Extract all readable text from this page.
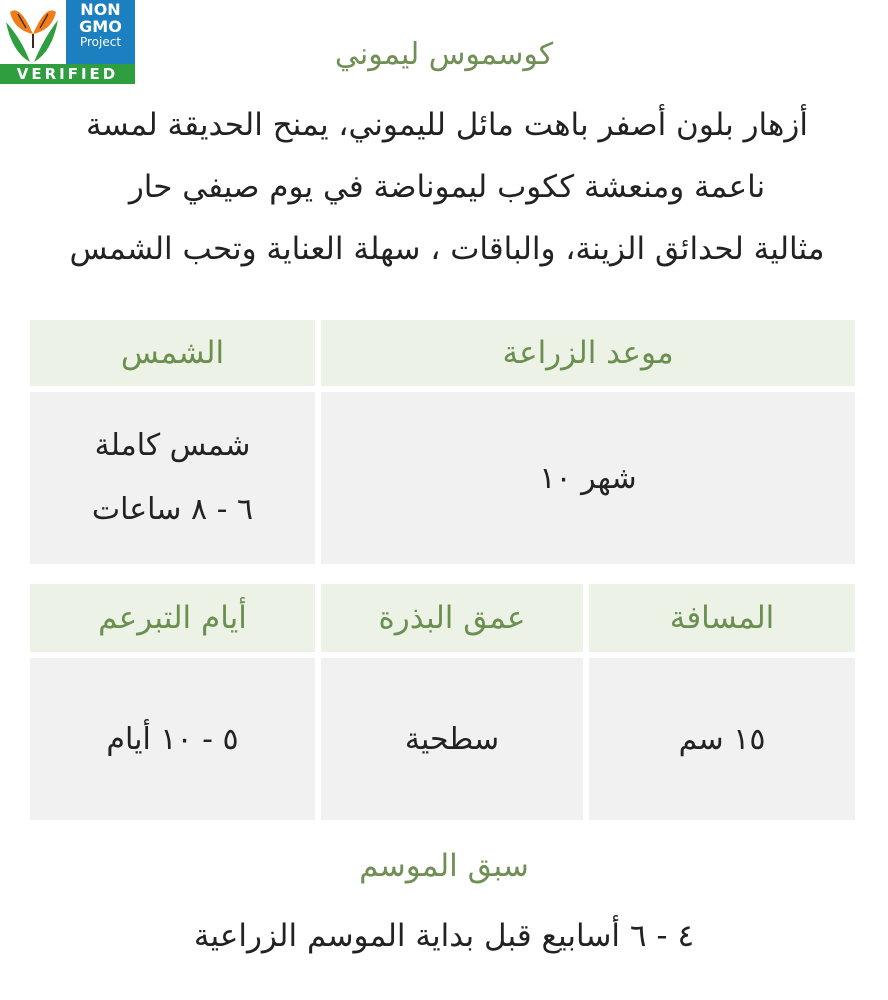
NON
GMO
Project
VERIFIED
كوسموس ليموني
أزهار بلون أصفر باهت مائل لليموني، يمنح الحديقة لمسة
ناعمة ومنعشة ككوب ليموناضة في يوم صيفي حار
مثالية لحدائق الزينة، والباقات ، سهلة العناية وتحب الشمس
موعد الزراعة
الشمس
شهر ١٠
شمس كاملة
٦ - ٨ ساعات
المسافة
عمق البذرة
أيام التبرعم
١٥ سم
سطحية
٥ - ١٠ أيام
سبق الموسم
٤ - ٦ أسابيع قبل بداية الموسم الزراعية
